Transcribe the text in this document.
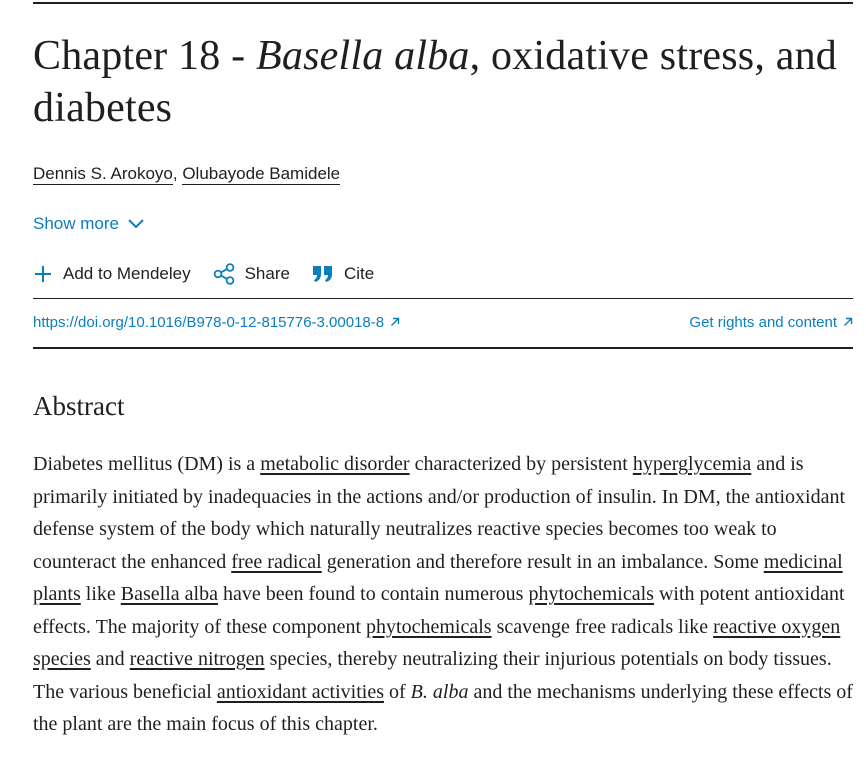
Chapter 18 - Basella alba, oxidative stress, and diabetes
Dennis S. Arokoyo, Olubayode Bamidele
Show more
Add to Mendeley	Share	Cite
https://doi.org/10.1016/B978-0-12-815776-3.00018-8	Get rights and content
Abstract

Diabetes mellitus (DM) is a metabolic disorder characterized by persistent hyperglycemia and is primarily initiated by inadequacies in the actions and/or production of insulin. In DM, the antioxidant defense system of the body which naturally neutralizes reactive species becomes too weak to counteract the enhanced free radical generation and therefore result in an imbalance. Some medicinal plants like Basella alba have been found to contain numerous phytochemicals with potent antioxidant effects. The majority of these component phytochemicals scavenge free radicals like reactive oxygen species and reactive nitrogen species, thereby neutralizing their injurious potentials on body tissues. The various beneficial antioxidant activities of B. alba and the mechanisms underlying these effects of the plant are the main focus of this chapter.
